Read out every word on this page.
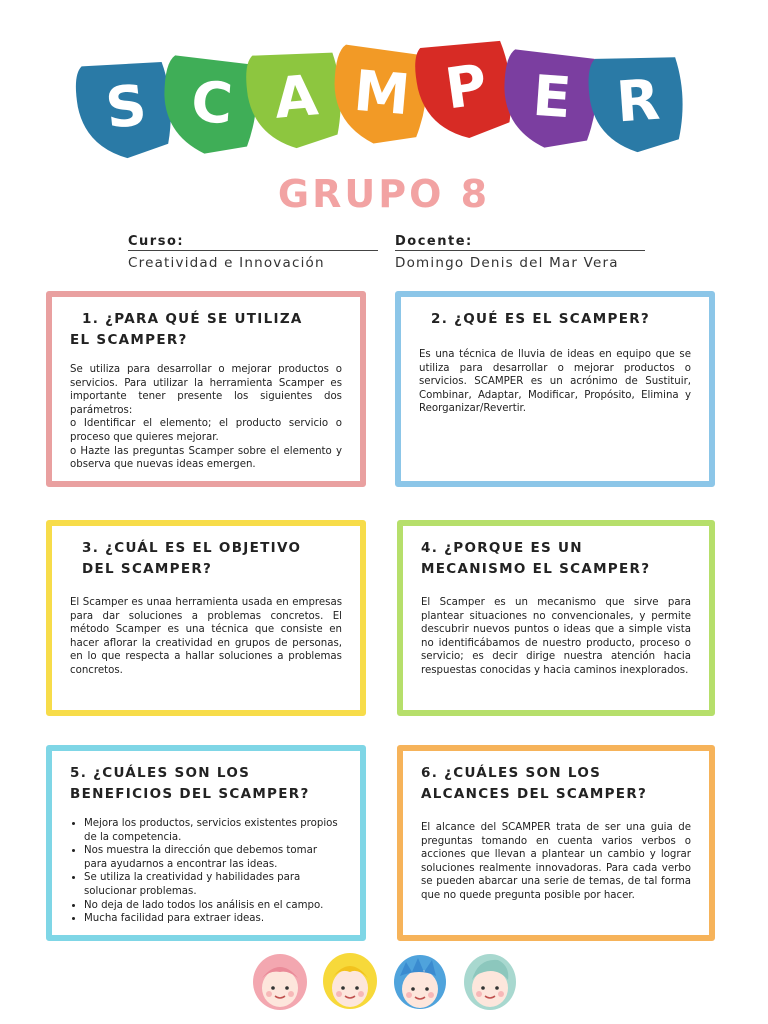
S C A M P E R
GRUPO 8
Curso:
Creatividad e Innovación
Docente:
Domingo Denis del Mar Vera
1. ¿PARA QUÉ SE UTILIZA
EL SCAMPER?
Se utiliza para desarrollar o mejorar productos o servicios. Para utilizar la herramienta Scamper es importante tener presente los siguientes dos parámetros:
o Identificar el elemento; el producto servicio o proceso que quieres mejorar.
o Hazte las preguntas Scamper sobre el elemento y observa que nuevas ideas emergen.
2. ¿QUÉ ES EL SCAMPER?
Es una técnica de lluvia de ideas en equipo que se utiliza para desarrollar o mejorar productos o servicios. SCAMPER es un acrónimo de Sustituir, Combinar, Adaptar, Modificar, Propósito, Elimina y Reorganizar/Revertir.
3. ¿CUÁL ES EL OBJETIVO
DEL SCAMPER?
El Scamper es unaa herramienta usada en empresas para dar soluciones a problemas concretos. El método Scamper es una técnica que consiste en hacer aflorar la creatividad en grupos de personas, en lo que respecta a hallar soluciones a problemas concretos.
4. ¿PORQUE ES UN
MECANISMO EL SCAMPER?
El Scamper es un mecanismo que sirve para plantear situaciones no convencionales, y permite descubrir nuevos puntos o ideas que a simple vista no identificábamos de nuestro producto, proceso o servicio; es decir dirige nuestra atención hacia respuestas conocidas y hacia caminos inexplorados.
5. ¿CUÁLES SON LOS
BENEFICIOS DEL SCAMPER?
• Mejora los productos, servicios existentes propios de la competencia.
• Nos muestra la dirección que debemos tomar para ayudarnos a encontrar las ideas.
• Se utiliza la creatividad y habilidades para solucionar problemas.
• No deja de lado todos los análisis en el campo.
• Mucha facilidad para extraer ideas.
6. ¿CUÁLES SON LOS
ALCANCES DEL SCAMPER?
El alcance del SCAMPER trata de ser una guia de preguntas tomando en cuenta varios verbos o acciones que llevan a plantear un cambio y lograr soluciones realmente innovadoras. Para cada verbo se pueden abarcar una serie de temas, de tal forma que no quede pregunta posible por hacer.
